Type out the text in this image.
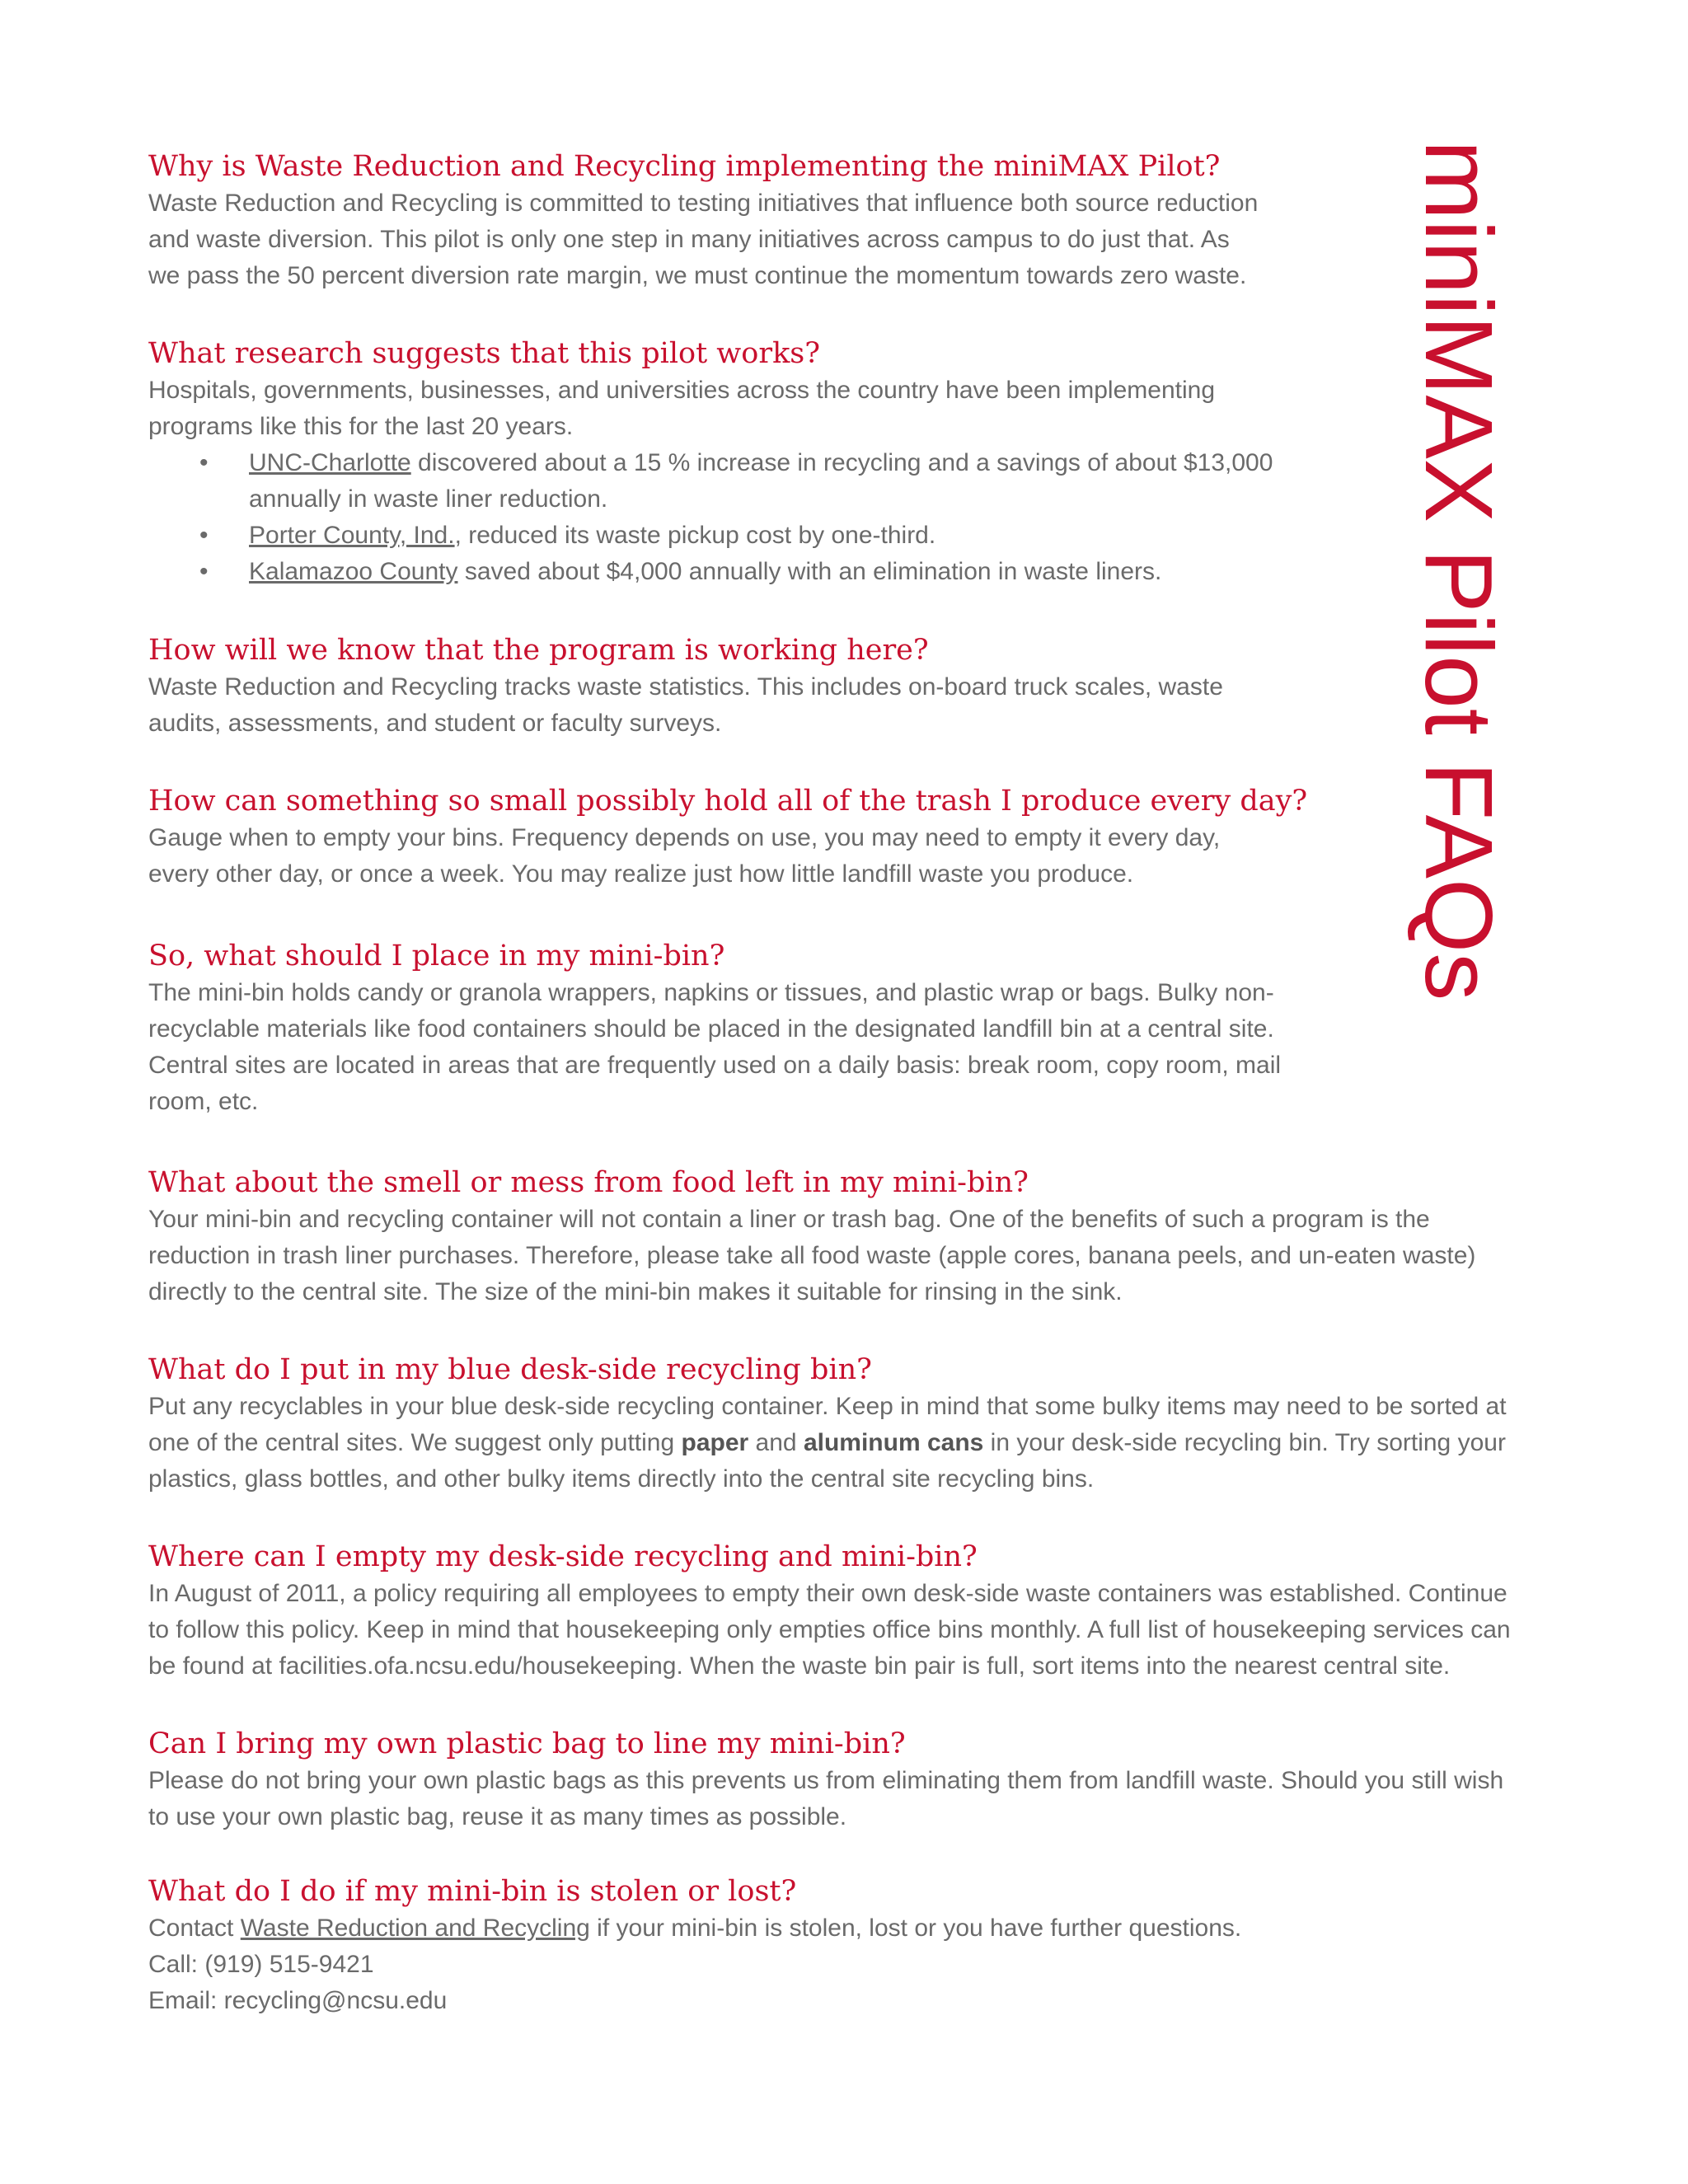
miniMAX Pilot FAQs
Why is Waste Reduction and Recycling implementing the miniMAX Pilot?

Waste Reduction and Recycling is committed to testing initiatives that influence both source reduction

and waste diversion. This pilot is only one step in many initiatives across campus to do just that. As

we pass the 50 percent diversion rate margin, we must continue the momentum towards zero waste.

What research suggests that this pilot works?

Hospitals, governments, businesses, and universities across the country have been implementing

programs like this for the last 20 years.

• UNC-Charlotte discovered about a 15 % increase in recycling and a savings of about $13,000
annually in waste liner reduction.
• Porter County, Ind., reduced its waste pickup cost by one-third.
• Kalamazoo County saved about $4,000 annually with an elimination in waste liners.
How will we know that the program is working here?

Waste Reduction and Recycling tracks waste statistics. This includes on-board truck scales, waste

audits, assessments, and student or faculty surveys.

How can something so small possibly hold all of the trash I produce every day?

Gauge when to empty your bins. Frequency depends on use, you may need to empty it every day,

every other day, or once a week. You may realize just how little landfill waste you produce.

So, what should I place in my mini-bin?

The mini-bin holds candy or granola wrappers, napkins or tissues, and plastic wrap or bags. Bulky non-

recyclable materials like food containers should be placed in the designated landfill bin at a central site.

Central sites are located in areas that are frequently used on a daily basis: break room, copy room, mail

room, etc.

What about the smell or mess from food left in my mini-bin?

Your mini-bin and recycling container will not contain a liner or trash bag. One of the benefits of such a program is the

reduction in trash liner purchases. Therefore, please take all food waste (apple cores, banana peels, and un-eaten waste)

directly to the central site. The size of the mini-bin makes it suitable for rinsing in the sink.

What do I put in my blue desk-side recycling bin?

Put any recyclables in your blue desk-side recycling container. Keep in mind that some bulky items may need to be sorted at

one of the central sites. We suggest only putting paper and aluminum cans in your desk-side recycling bin. Try sorting your

plastics, glass bottles, and other bulky items directly into the central site recycling bins.

Where can I empty my desk-side recycling and mini-bin?

In August of 2011, a policy requiring all employees to empty their own desk-side waste containers was established. Continue

to follow this policy. Keep in mind that housekeeping only empties office bins monthly. A full list of housekeeping services can

be found at facilities.ofa.ncsu.edu/housekeeping. When the waste bin pair is full, sort items into the nearest central site.

Can I bring my own plastic bag to line my mini-bin?

Please do not bring your own plastic bags as this prevents us from eliminating them from landfill waste. Should you still wish

to use your own plastic bag, reuse it as many times as possible.

What do I do if my mini-bin is stolen or lost?

Contact Waste Reduction and Recycling if your mini-bin is stolen, lost or you have further questions.

Call: (919) 515-9421

Email: recycling@ncsu.edu
